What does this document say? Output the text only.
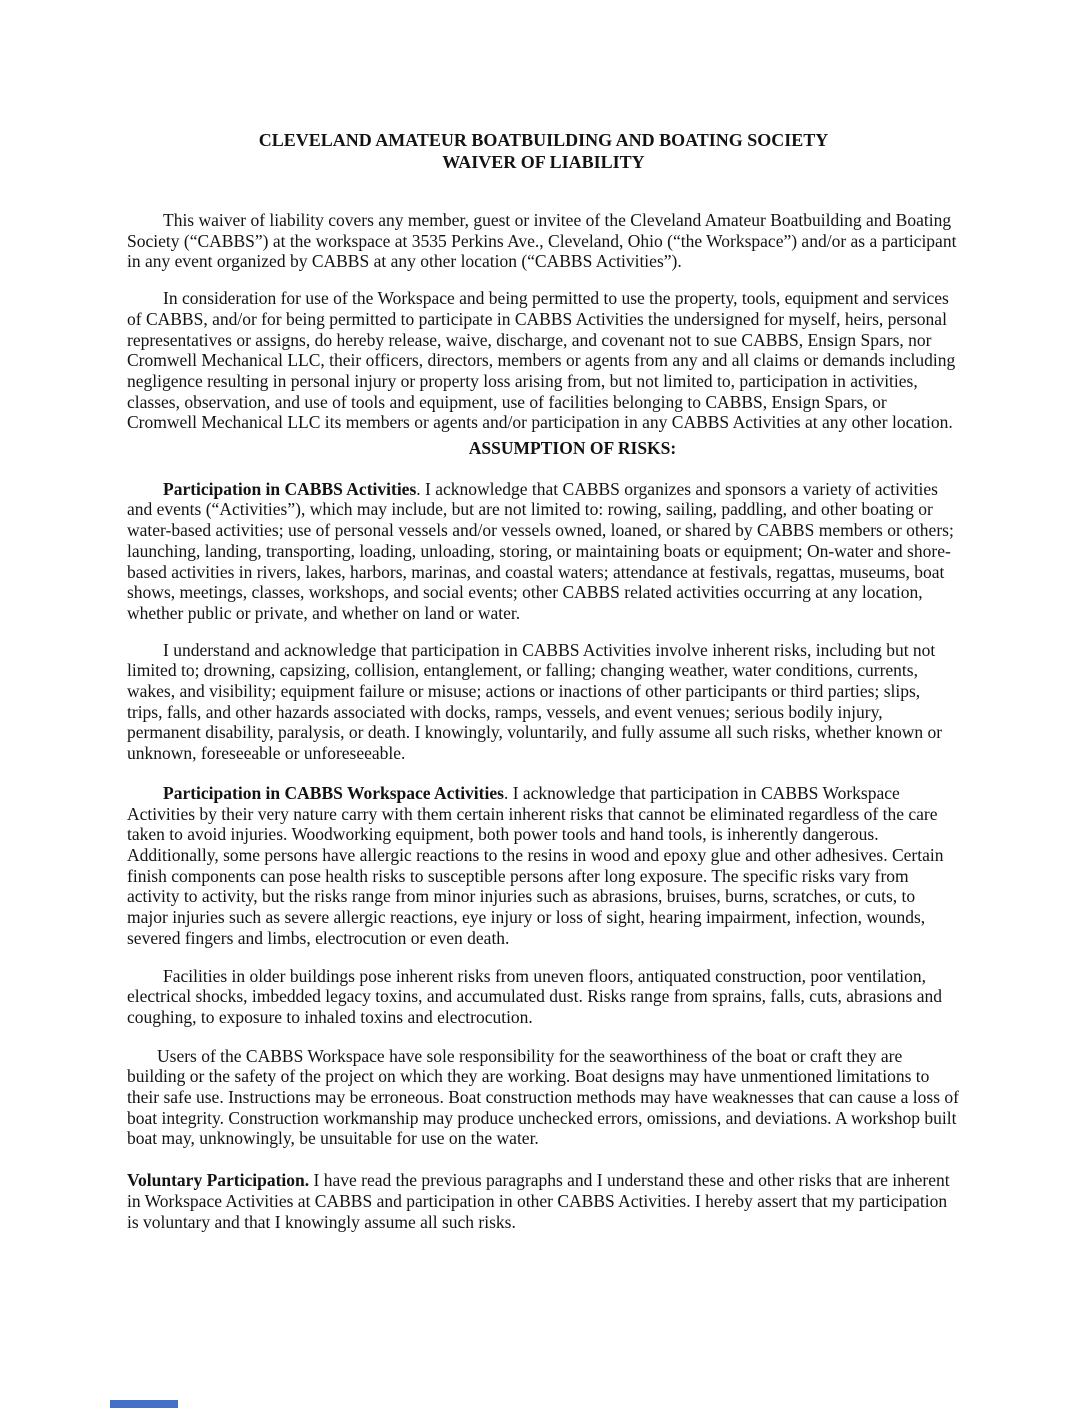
CLEVELAND AMATEUR BOATBUILDING AND BOATING SOCIETY
WAIVER OF LIABILITY

This waiver of liability covers any member, guest or invitee of the Cleveland Amateur Boatbuilding and Boating Society (“CABBS”) at the workspace at 3535 Perkins Ave., Cleveland, Ohio (“the Workspace”) and/or as a participant in any event organized by CABBS at any other location (“CABBS Activities”).

In consideration for use of the Workspace and being permitted to use the property, tools, equipment and services of CABBS, and/or for being permitted to participate in CABBS Activities the undersigned for myself, heirs, personal representatives or assigns, do hereby release, waive, discharge, and covenant not to sue CABBS, Ensign Spars, nor Cromwell Mechanical LLC, their officers, directors, members or agents from any and all claims or demands including negligence resulting in personal injury or property loss arising from, but not limited to, participation in activities, classes, observation, and use of tools and equipment, use of facilities belonging to CABBS, Ensign Spars, or Cromwell Mechanical LLC its members or agents and/or participation in any CABBS Activities at any other location.

ASSUMPTION OF RISKS:

Participation in CABBS Activities. I acknowledge that CABBS organizes and sponsors a variety of activities and events (“Activities”), which may include, but are not limited to: rowing, sailing, paddling, and other boating or water-based activities; use of personal vessels and/or vessels owned, loaned, or shared by CABBS members or others; launching, landing, transporting, loading, unloading, storing, or maintaining boats or equipment; On-water and shore-based activities in rivers, lakes, harbors, marinas, and coastal waters; attendance at festivals, regattas, museums, boat shows, meetings, classes, workshops, and social events; other CABBS related activities occurring at any location, whether public or private, and whether on land or water.

I understand and acknowledge that participation in CABBS Activities involve inherent risks, including but not limited to; drowning, capsizing, collision, entanglement, or falling; changing weather, water conditions, currents, wakes, and visibility; equipment failure or misuse; actions or inactions of other participants or third parties; slips, trips, falls, and other hazards associated with docks, ramps, vessels, and event venues; serious bodily injury, permanent disability, paralysis, or death. I knowingly, voluntarily, and fully assume all such risks, whether known or unknown, foreseeable or unforeseeable.

Participation in CABBS Workspace Activities. I acknowledge that participation in CABBS Workspace Activities by their very nature carry with them certain inherent risks that cannot be eliminated regardless of the care taken to avoid injuries. Woodworking equipment, both power tools and hand tools, is inherently dangerous. Additionally, some persons have allergic reactions to the resins in wood and epoxy glue and other adhesives. Certain finish components can pose health risks to susceptible persons after long exposure. The specific risks vary from activity to activity, but the risks range from minor injuries such as abrasions, bruises, burns, scratches, or cuts, to major injuries such as severe allergic reactions, eye injury or loss of sight, hearing impairment, infection, wounds, severed fingers and limbs, electrocution or even death.

Facilities in older buildings pose inherent risks from uneven floors, antiquated construction, poor ventilation, electrical shocks, imbedded legacy toxins, and accumulated dust. Risks range from sprains, falls, cuts, abrasions and coughing, to exposure to inhaled toxins and electrocution.

Users of the CABBS Workspace have sole responsibility for the seaworthiness of the boat or craft they are building or the safety of the project on which they are working. Boat designs may have unmentioned limitations to their safe use. Instructions may be erroneous. Boat construction methods may have weaknesses that can cause a loss of boat integrity. Construction workmanship may produce unchecked errors, omissions, and deviations. A workshop built boat may, unknowingly, be unsuitable for use on the water.

Voluntary Participation. I have read the previous paragraphs and I understand these and other risks that are inherent in Workspace Activities at CABBS and participation in other CABBS Activities. I hereby assert that my participation is voluntary and that I knowingly assume all such risks.
